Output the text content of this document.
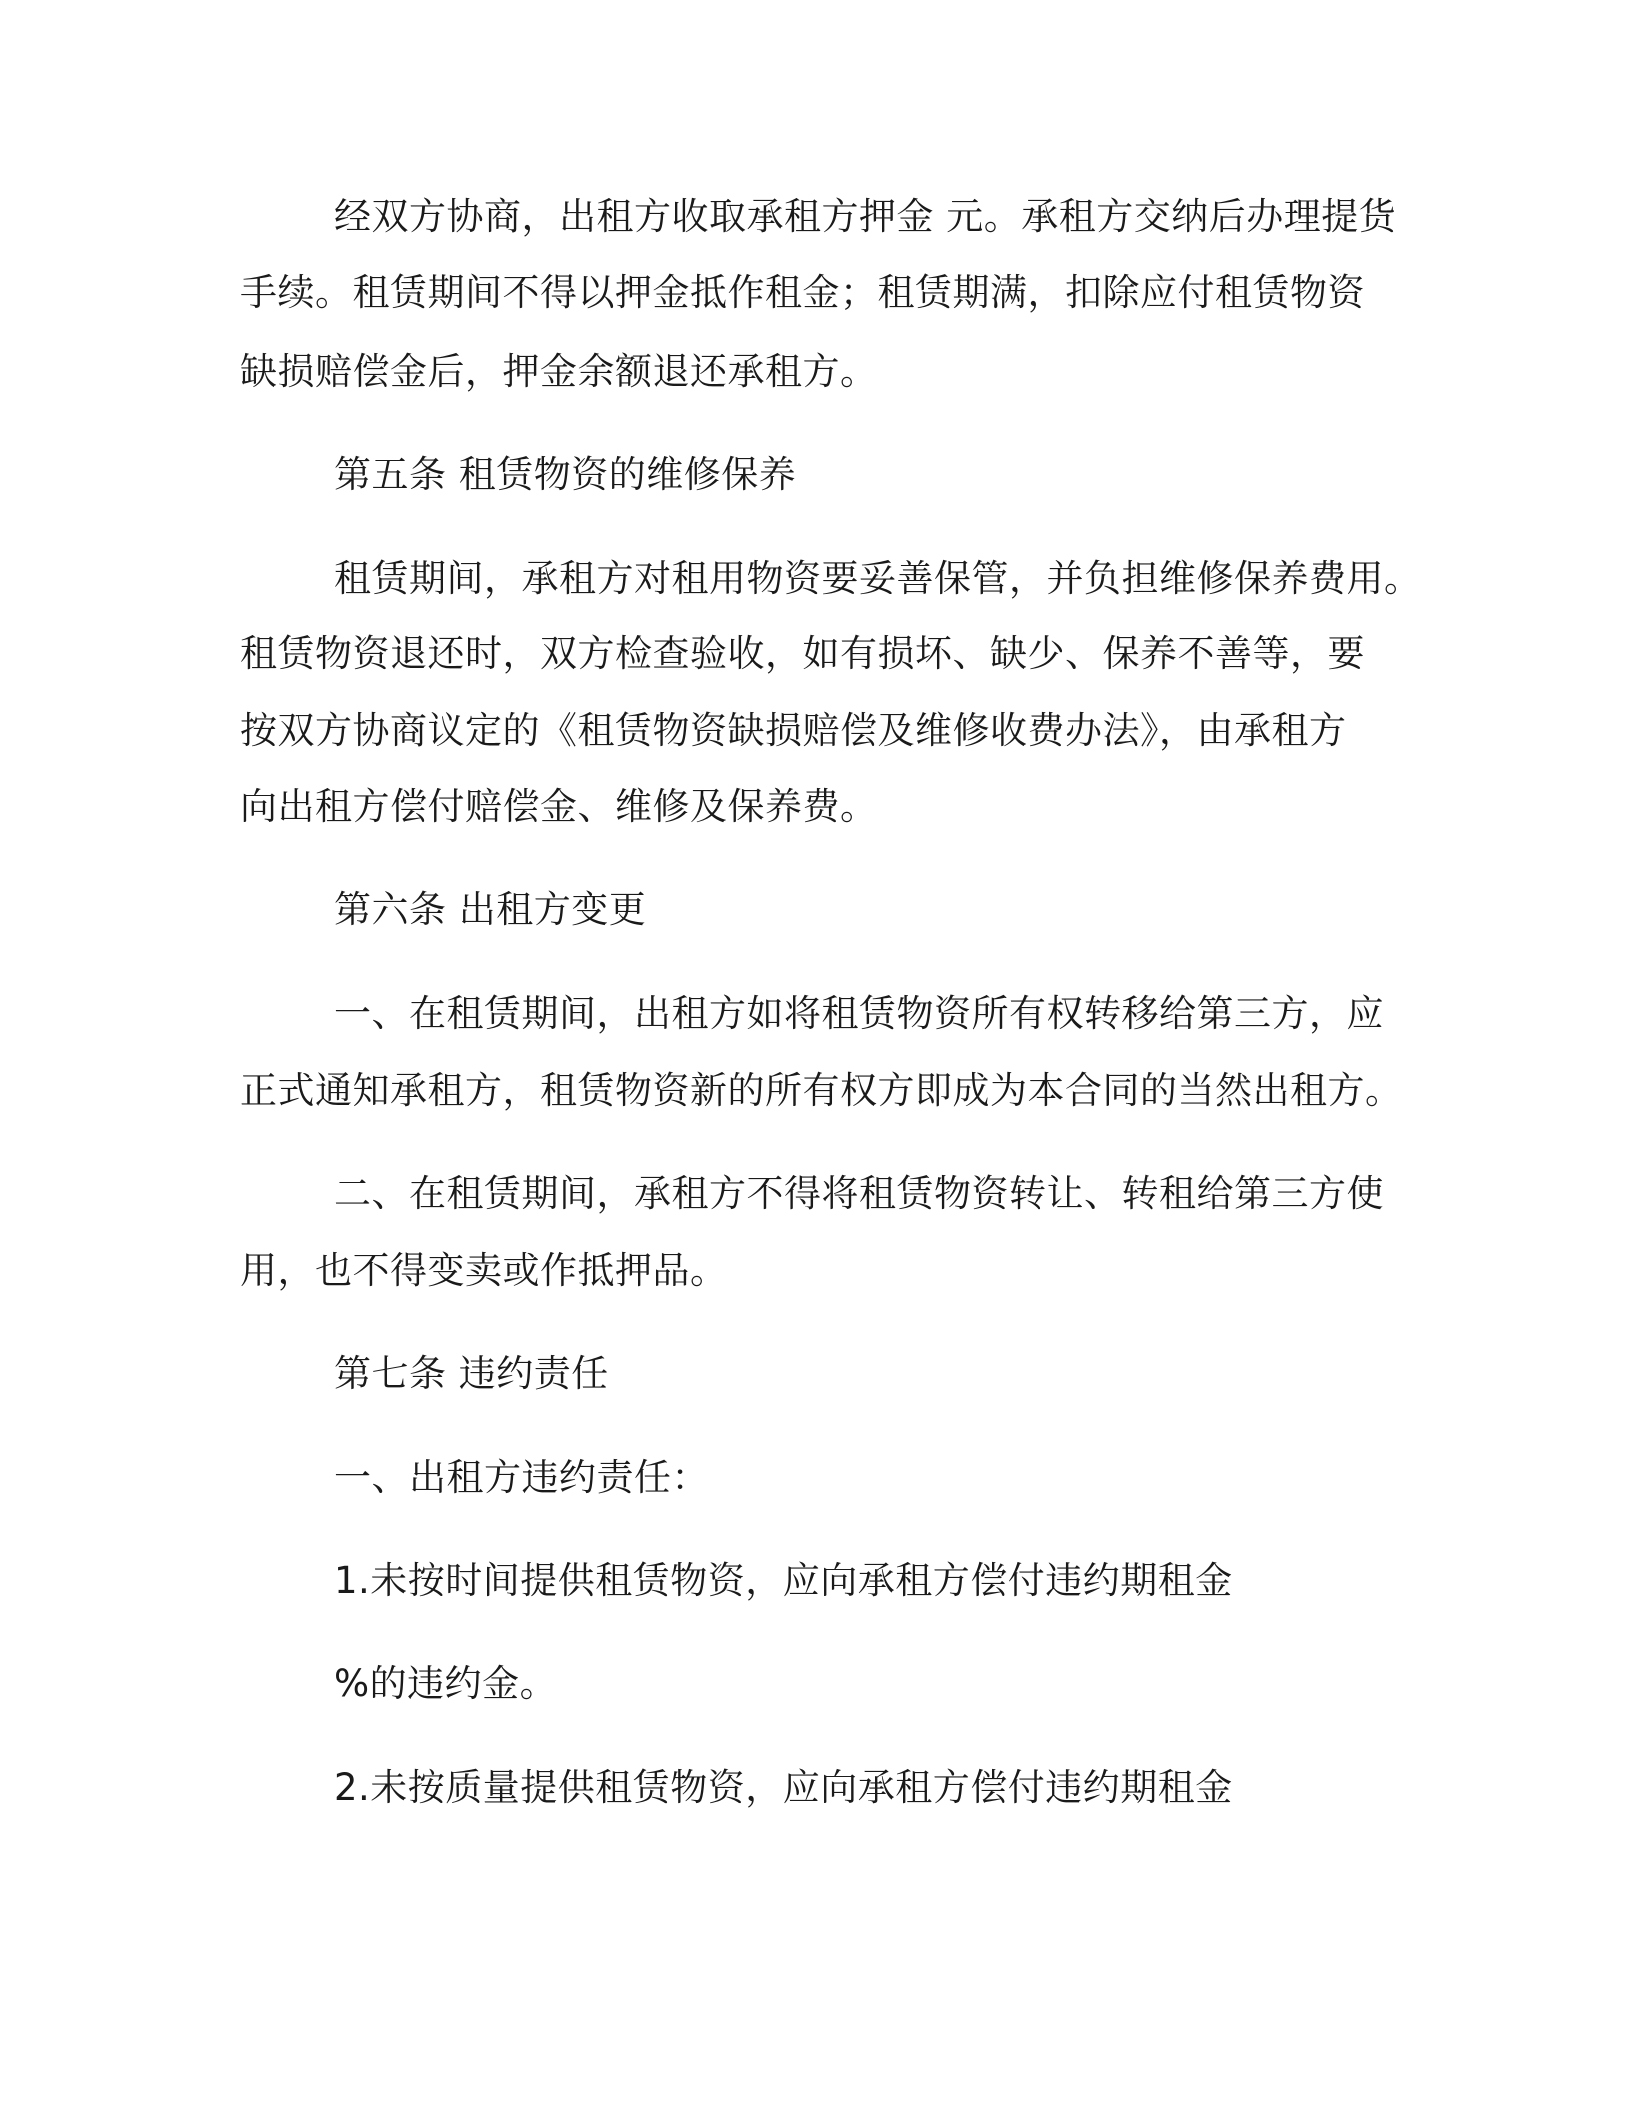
经双方协商，出租方收取承租方押金 元。承租方交纳后办理提货
手续。租赁期间不得以押金抵作租金；租赁期满，扣除应付租赁物资
缺损赔偿金后，押金余额退还承租方。
第五条 租赁物资的维修保养
租赁期间，承租方对租用物资要妥善保管，并负担维修保养费用。
租赁物资退还时，双方检查验收，如有损坏、缺少、保养不善等，要
按双方协商议定的《租赁物资缺损赔偿及维修收费办法》，由承租方
向出租方偿付赔偿金、维修及保养费。
第六条 出租方变更
一、在租赁期间，出租方如将租赁物资所有权转移给第三方，应
正式通知承租方，租赁物资新的所有权方即成为本合同的当然出租方。
二、在租赁期间，承租方不得将租赁物资转让、转租给第三方使
用，也不得变卖或作抵押品。
第七条 违约责任
一、出租方违约责任：
1.未按时间提供租赁物资，应向承租方偿付违约期租金
%的违约金。
2.未按质量提供租赁物资，应向承租方偿付违约期租金
